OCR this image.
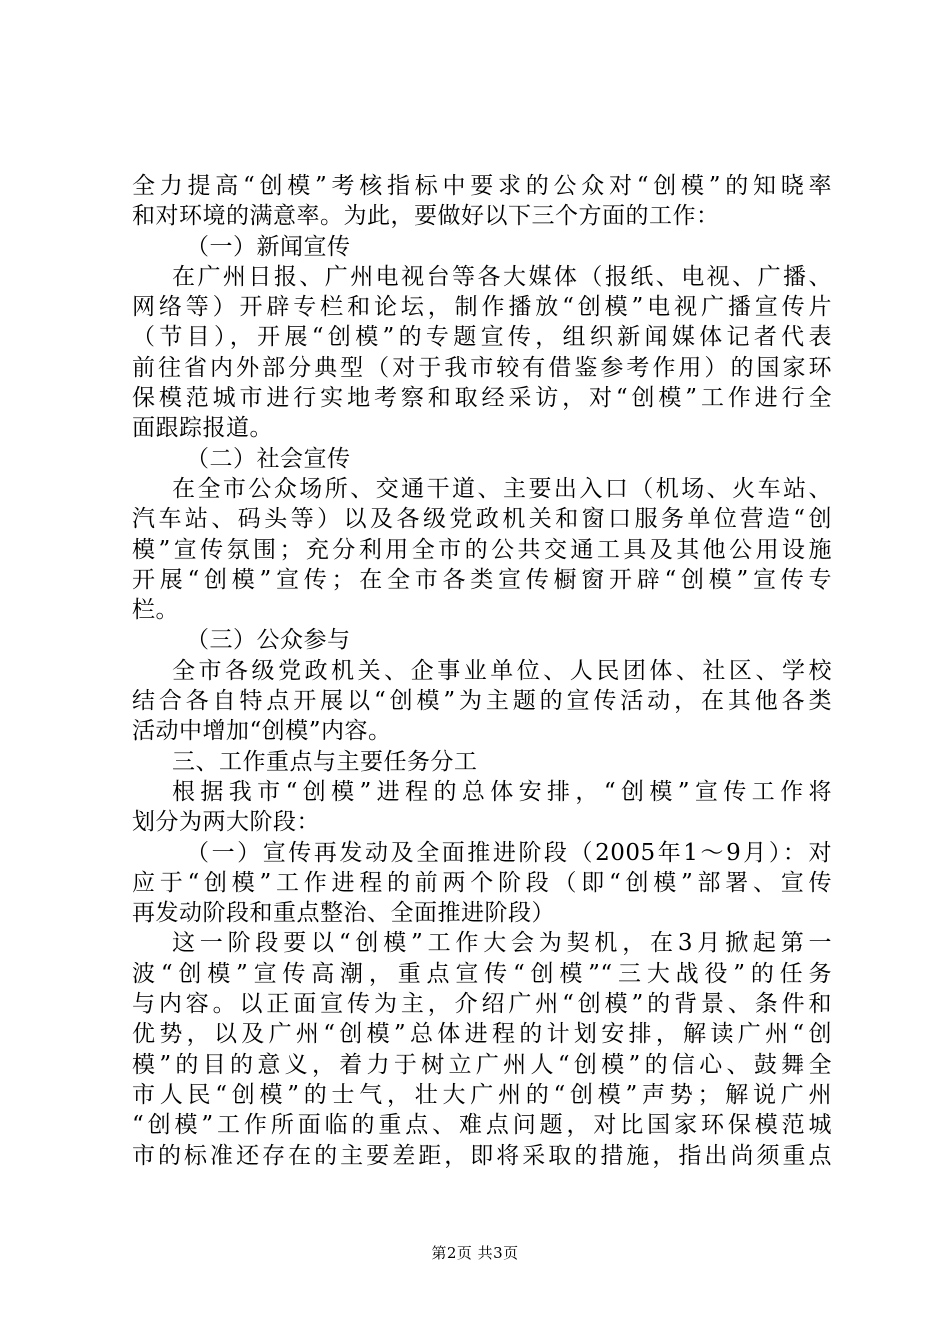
全力提高“创模”考核指标中要求的公众对“创模”的知晓率
和对环境的满意率。为此，要做好以下三个方面的工作：
（一）新闻宣传
在广州日报、广州电视台等各大媒体（报纸、电视、广播、
网络等）开辟专栏和论坛，制作播放“创模”电视广播宣传片
（节目），开展“创模”的专题宣传，组织新闻媒体记者代表
前往省内外部分典型（对于我市较有借鉴参考作用）的国家环
保模范城市进行实地考察和取经采访，对“创模”工作进行全
面跟踪报道。
（二）社会宣传
在全市公众场所、交通干道、主要出入口（机场、火车站、
汽车站、码头等）以及各级党政机关和窗口服务单位营造“创
模”宣传氛围；充分利用全市的公共交通工具及其他公用设施
开展“创模”宣传；在全市各类宣传橱窗开辟“创模”宣传专
栏。
（三）公众参与
全市各级党政机关、企事业单位、人民团体、社区、学校
结合各自特点开展以“创模”为主题的宣传活动，在其他各类
活动中增加“创模”内容。
三、工作重点与主要任务分工
根据我市“创模”进程的总体安排，“创模”宣传工作将
划分为两大阶段：
（一）宣传再发动及全面推进阶段（2005年1～9月）：对
应于“创模”工作进程的前两个阶段（即“创模”部署、宣传
再发动阶段和重点整治、全面推进阶段）
这一阶段要以“创模”工作大会为契机，在3月掀起第一
波“创模”宣传高潮，重点宣传“创模”“三大战役”的任务
与内容。以正面宣传为主，介绍广州“创模”的背景、条件和
优势，以及广州“创模”总体进程的计划安排，解读广州“创
模”的目的意义，着力于树立广州人“创模”的信心、鼓舞全
市人民“创模”的士气，壮大广州的“创模”声势；解说广州
“创模”工作所面临的重点、难点问题，对比国家环保模范城
市的标准还存在的主要差距，即将采取的措施，指出尚须重点
第2页 共3页
